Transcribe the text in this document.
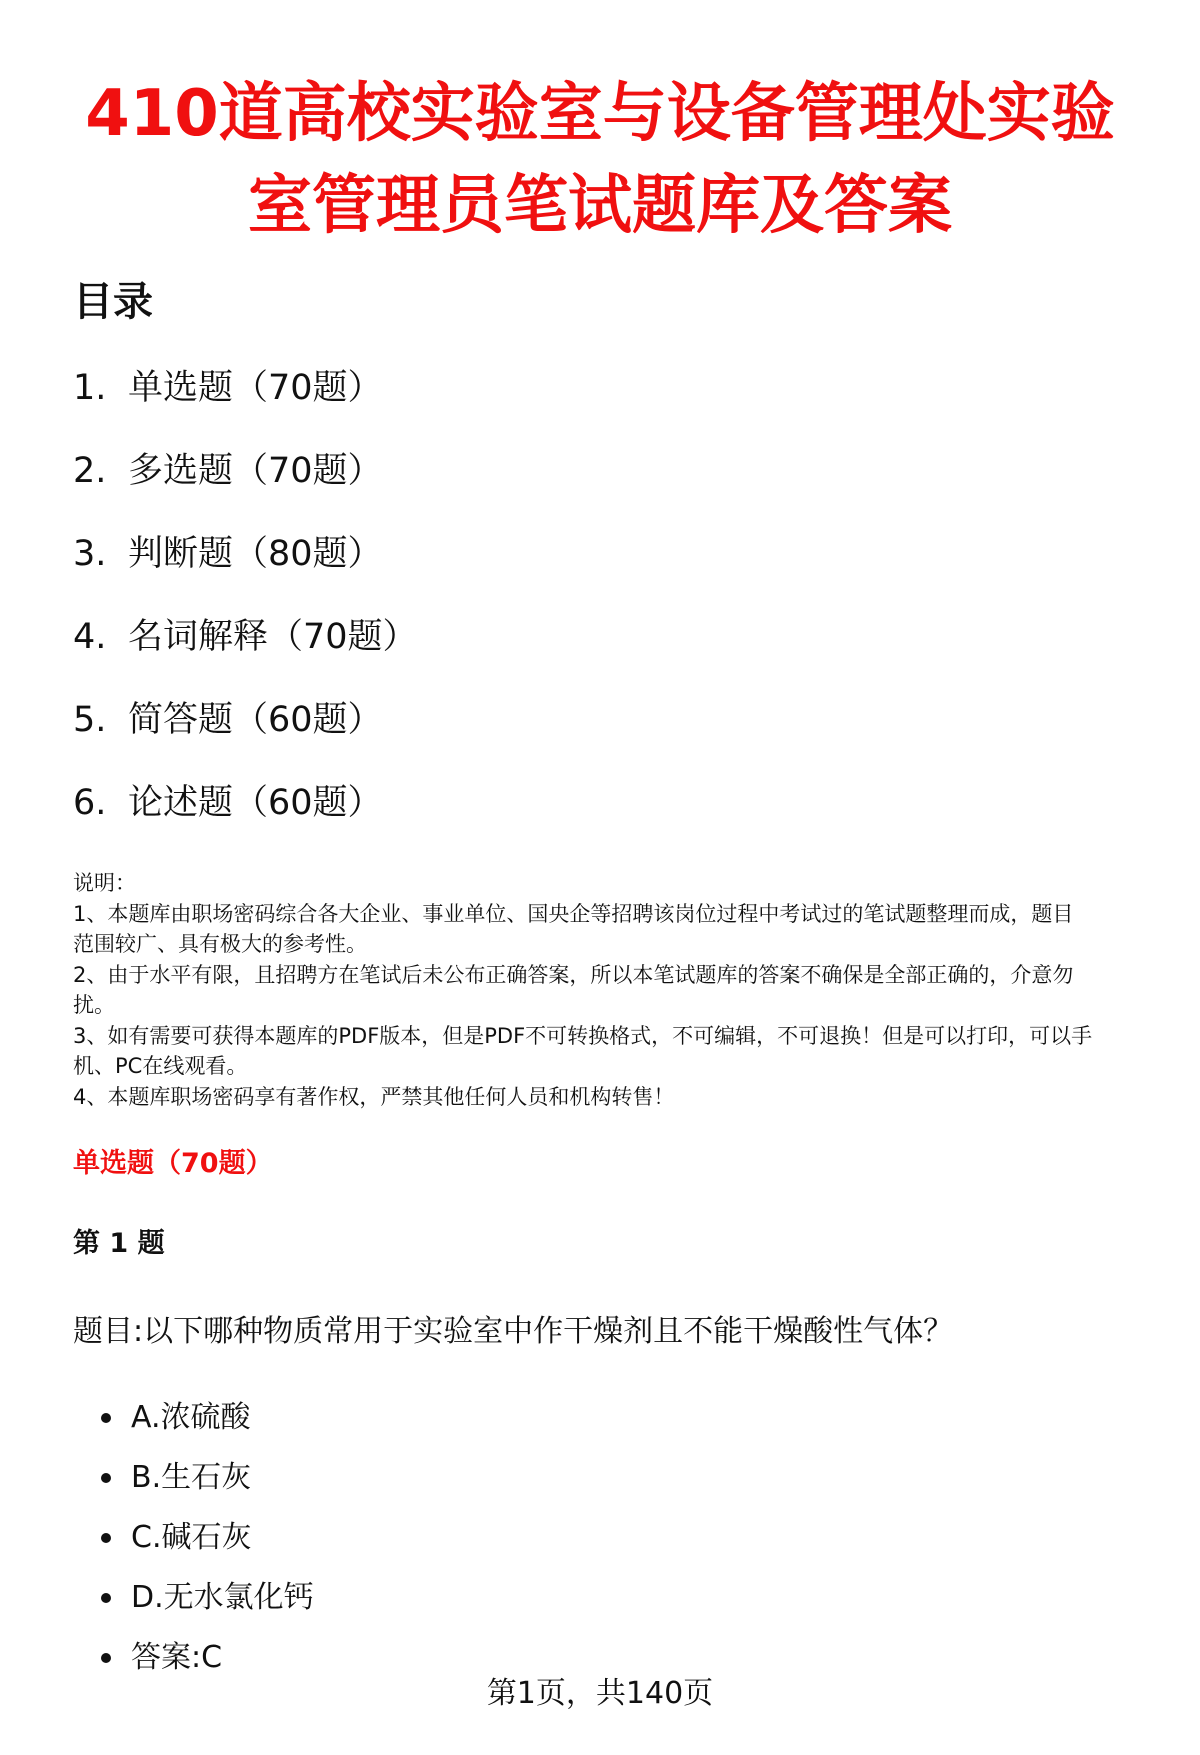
410道高校实验室与设备管理处实验
室管理员笔试题库及答案
目录
1. 单选题（70题）
2. 多选题（70题）
3. 判断题（80题）
4. 名词解释（70题）
5. 简答题（60题）
6. 论述题（60题）

说明：

1、本题库由职场密码综合各大企业、事业单位、国央企等招聘该岗位过程中考试过的笔试题整理而成，题目

范围较广、具有极大的参考性。

2、由于水平有限，且招聘方在笔试后未公布正确答案，所以本笔试题库的答案不确保是全部正确的，介意勿

扰。

3、如有需要可获得本题库的PDF版本，但是PDF不可转换格式，不可编辑，不可退换！但是可以打印，可以手

机、PC在线观看。

4、本题库职场密码享有著作权，严禁其他任何人员和机构转售！

单选题（70题）
第 1 题

题目:以下哪种物质常用于实验室中作干燥剂且不能干燥酸性气体？

A.浓硫酸
B.生石灰
C.碱石灰
D.无水氯化钙
答案:C
第1页，共140页
